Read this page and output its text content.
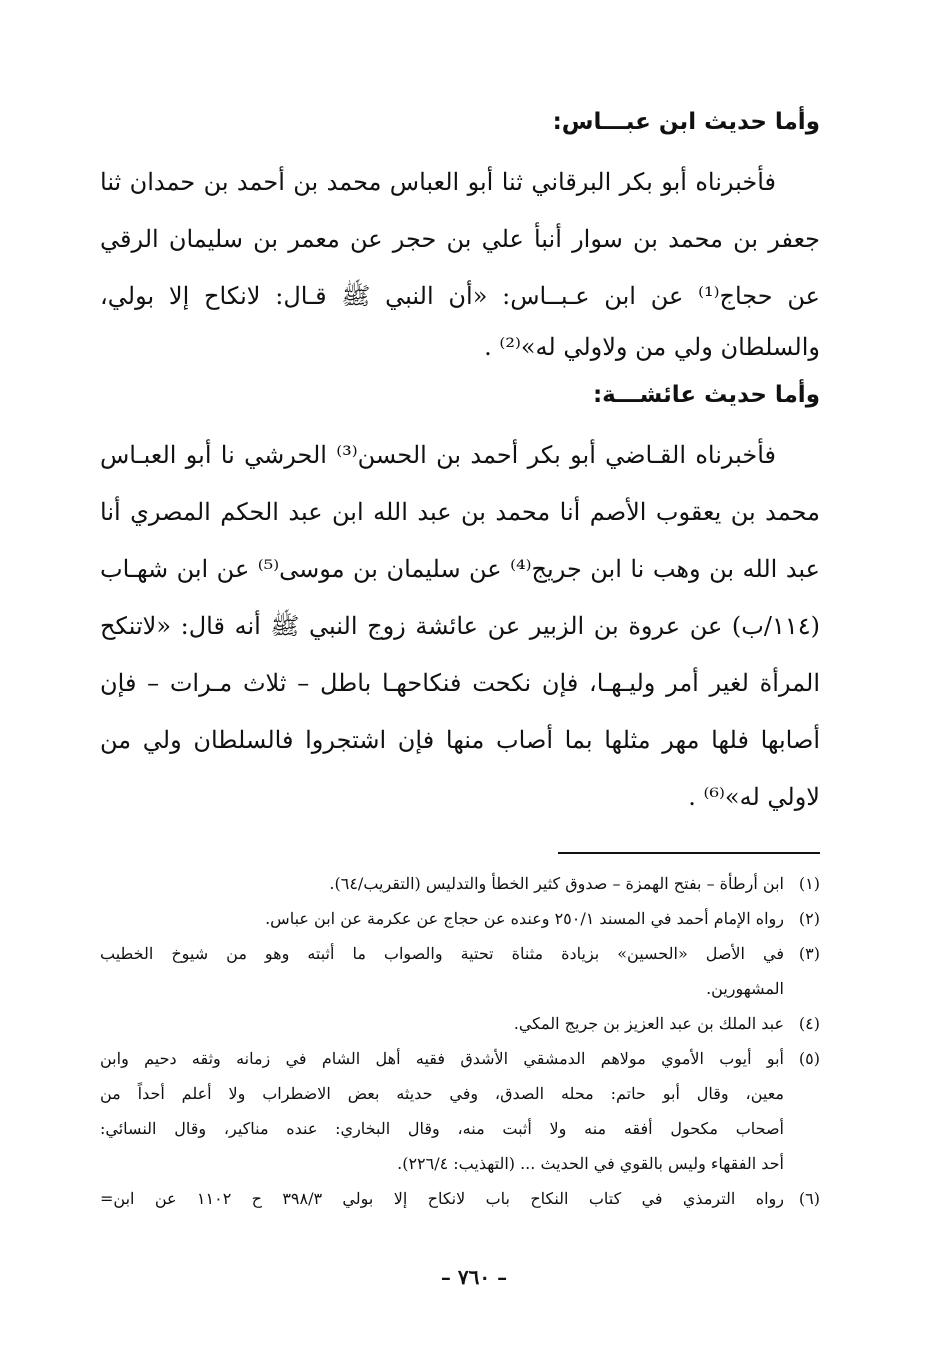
وأما حديث ابن عبـــاس:

فأخبرناه أبو بكر البرقاني ثنا أبو العباس محمد بن أحمد بن حمدان ثنا

جعفر بن محمد بن سوار أنبأ علي بن حجر عن معمر بن سليمان الرقي

عن حجاج⁽¹⁾ عن ابن عـبــاس: «أن النبي ﷺ قـال: لانكاح إلا بولي،

والسلطان ولي من ولاولي له»⁽²⁾ .

وأما حديث عائشـــة:

فأخبرناه القـاضي أبو بكر أحمد بن الحسن⁽³⁾ الحرشي نا أبو العبـاس

محمد بن يعقوب الأصم أنا محمد بن عبد الله ابن عبد الحكم المصري أنا

عبد الله بن وهب نا ابن جريج⁽⁴⁾ عن سليمان بن موسى⁽⁵⁾ عن ابن شهـاب

(١١٤/ب) عن عروة بن الزبير عن عائشة زوج النبي ﷺ أنه قال: «لاتنكح

المرأة لغير أمر وليـهـا، فإن نكحت فنكاحهـا باطل – ثلاث مـرات – فإن

أصابها فلها مهر مثلها بما أصاب منها فإن اشتجروا فالسلطان ولي من

لاولي له»⁽⁶⁾ .

(١)ابن أرطأة – بفتح الهمزة – صدوق كثير الخطأ والتدليس (التقريب/٦٤).

(٢)رواه الإمام أحمد في المسند ٢٥٠/١ وعنده عن حجاج عن عكرمة عن ابن عباس.

(٣)في الأصل «الحسين» بزيادة مثناة تحتية والصواب ما أثبته وهو من شيوخ الخطيب

المشهورين.

(٤)عبد الملك بن عبد العزيز بن جريج المكي.

(٥)أبو أيوب الأموي مولاهم الدمشقي الأشدق فقيه أهل الشام في زمانه وثقه دحيم وابن

معين، وقال أبو حاتم: محله الصدق، وفي حديثه بعض الاضطراب ولا أعلم أحداً من

أصحاب مكحول أفقه منه ولا أثبت منه، وقال البخاري: عنده مناكير، وقال النسائي:

أحد الفقهاء وليس بالقوي في الحديث ... (التهذيب: ٢٢٦/٤).

(٦)رواه الترمذي في كتاب النكاح باب لانكاح إلا بولي ٣٩٨/٣ ح ١١٠٢ عن ابن=

– ٧٦٠ –
